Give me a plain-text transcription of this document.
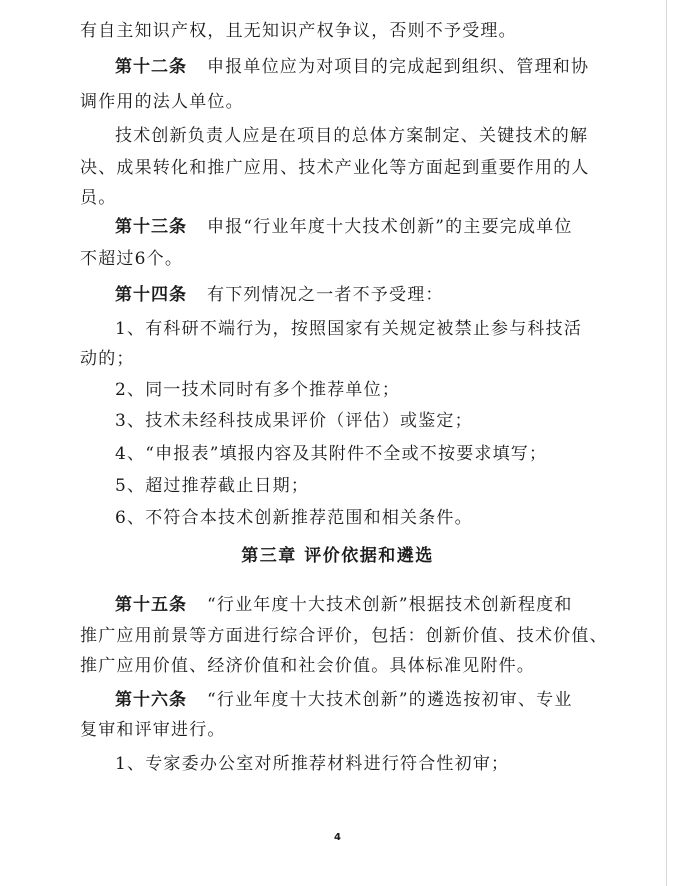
有自主知识产权，且无知识产权争议，否则不予受理。
第十二条 申报单位应为对项目的完成起到组织、管理和协
调作用的法人单位。
技术创新负责人应是在项目的总体方案制定、关键技术的解
决、成果转化和推广应用、技术产业化等方面起到重要作用的人
员。
第十三条 申报“行业年度十大技术创新”的主要完成单位
不超过6个。
第十四条 有下列情况之一者不予受理：
1、有科研不端行为，按照国家有关规定被禁止参与科技活
动的；
2、同一技术同时有多个推荐单位；
3、技术未经科技成果评价（评估）或鉴定；
4、“申报表”填报内容及其附件不全或不按要求填写；
5、超过推荐截止日期；
6、不符合本技术创新推荐范围和相关条件。
第三章 评价依据和遴选
第十五条 “行业年度十大技术创新”根据技术创新程度和
推广应用前景等方面进行综合评价，包括：创新价值、技术价值、
推广应用价值、经济价值和社会价值。具体标准见附件。
第十六条 “行业年度十大技术创新”的遴选按初审、专业
复审和评审进行。
1、专家委办公室对所推荐材料进行符合性初审；
4
